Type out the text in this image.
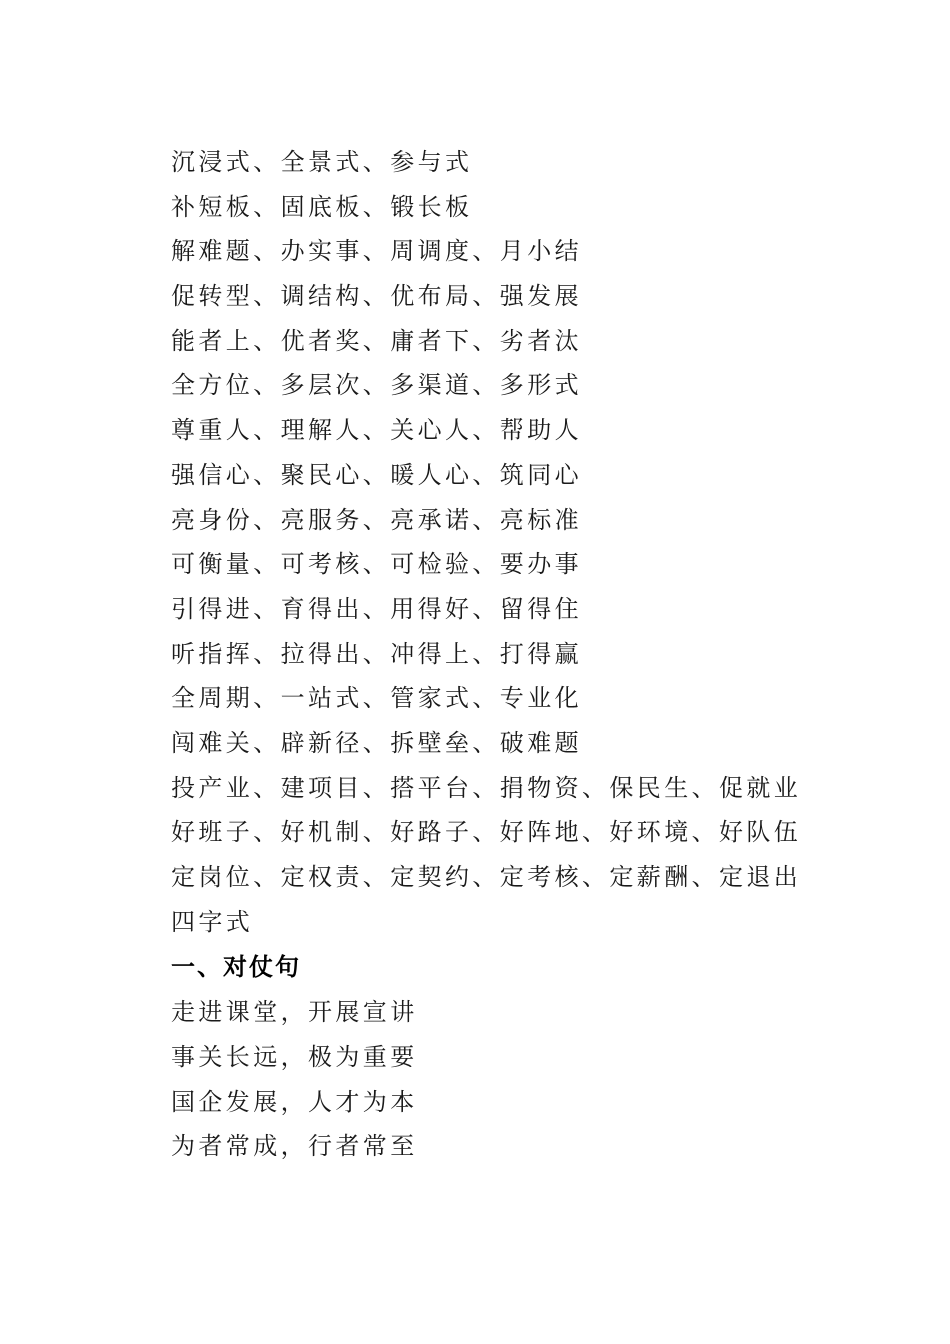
沉浸式、全景式、参与式
补短板、固底板、锻长板
解难题、办实事、周调度、月小结
促转型、调结构、优布局、强发展
能者上、优者奖、庸者下、劣者汰
全方位、多层次、多渠道、多形式
尊重人、理解人、关心人、帮助人
强信心、聚民心、暖人心、筑同心
亮身份、亮服务、亮承诺、亮标准
可衡量、可考核、可检验、要办事
引得进、育得出、用得好、留得住
听指挥、拉得出、冲得上、打得赢
全周期、一站式、管家式、专业化
闯难关、辟新径、拆壁垒、破难题
投产业、建项目、搭平台、捐物资、保民生、促就业
好班子、好机制、好路子、好阵地、好环境、好队伍
定岗位、定权责、定契约、定考核、定薪酬、定退出
四字式
一、对仗句
走进课堂，开展宣讲
事关长远，极为重要
国企发展，人才为本
为者常成，行者常至
